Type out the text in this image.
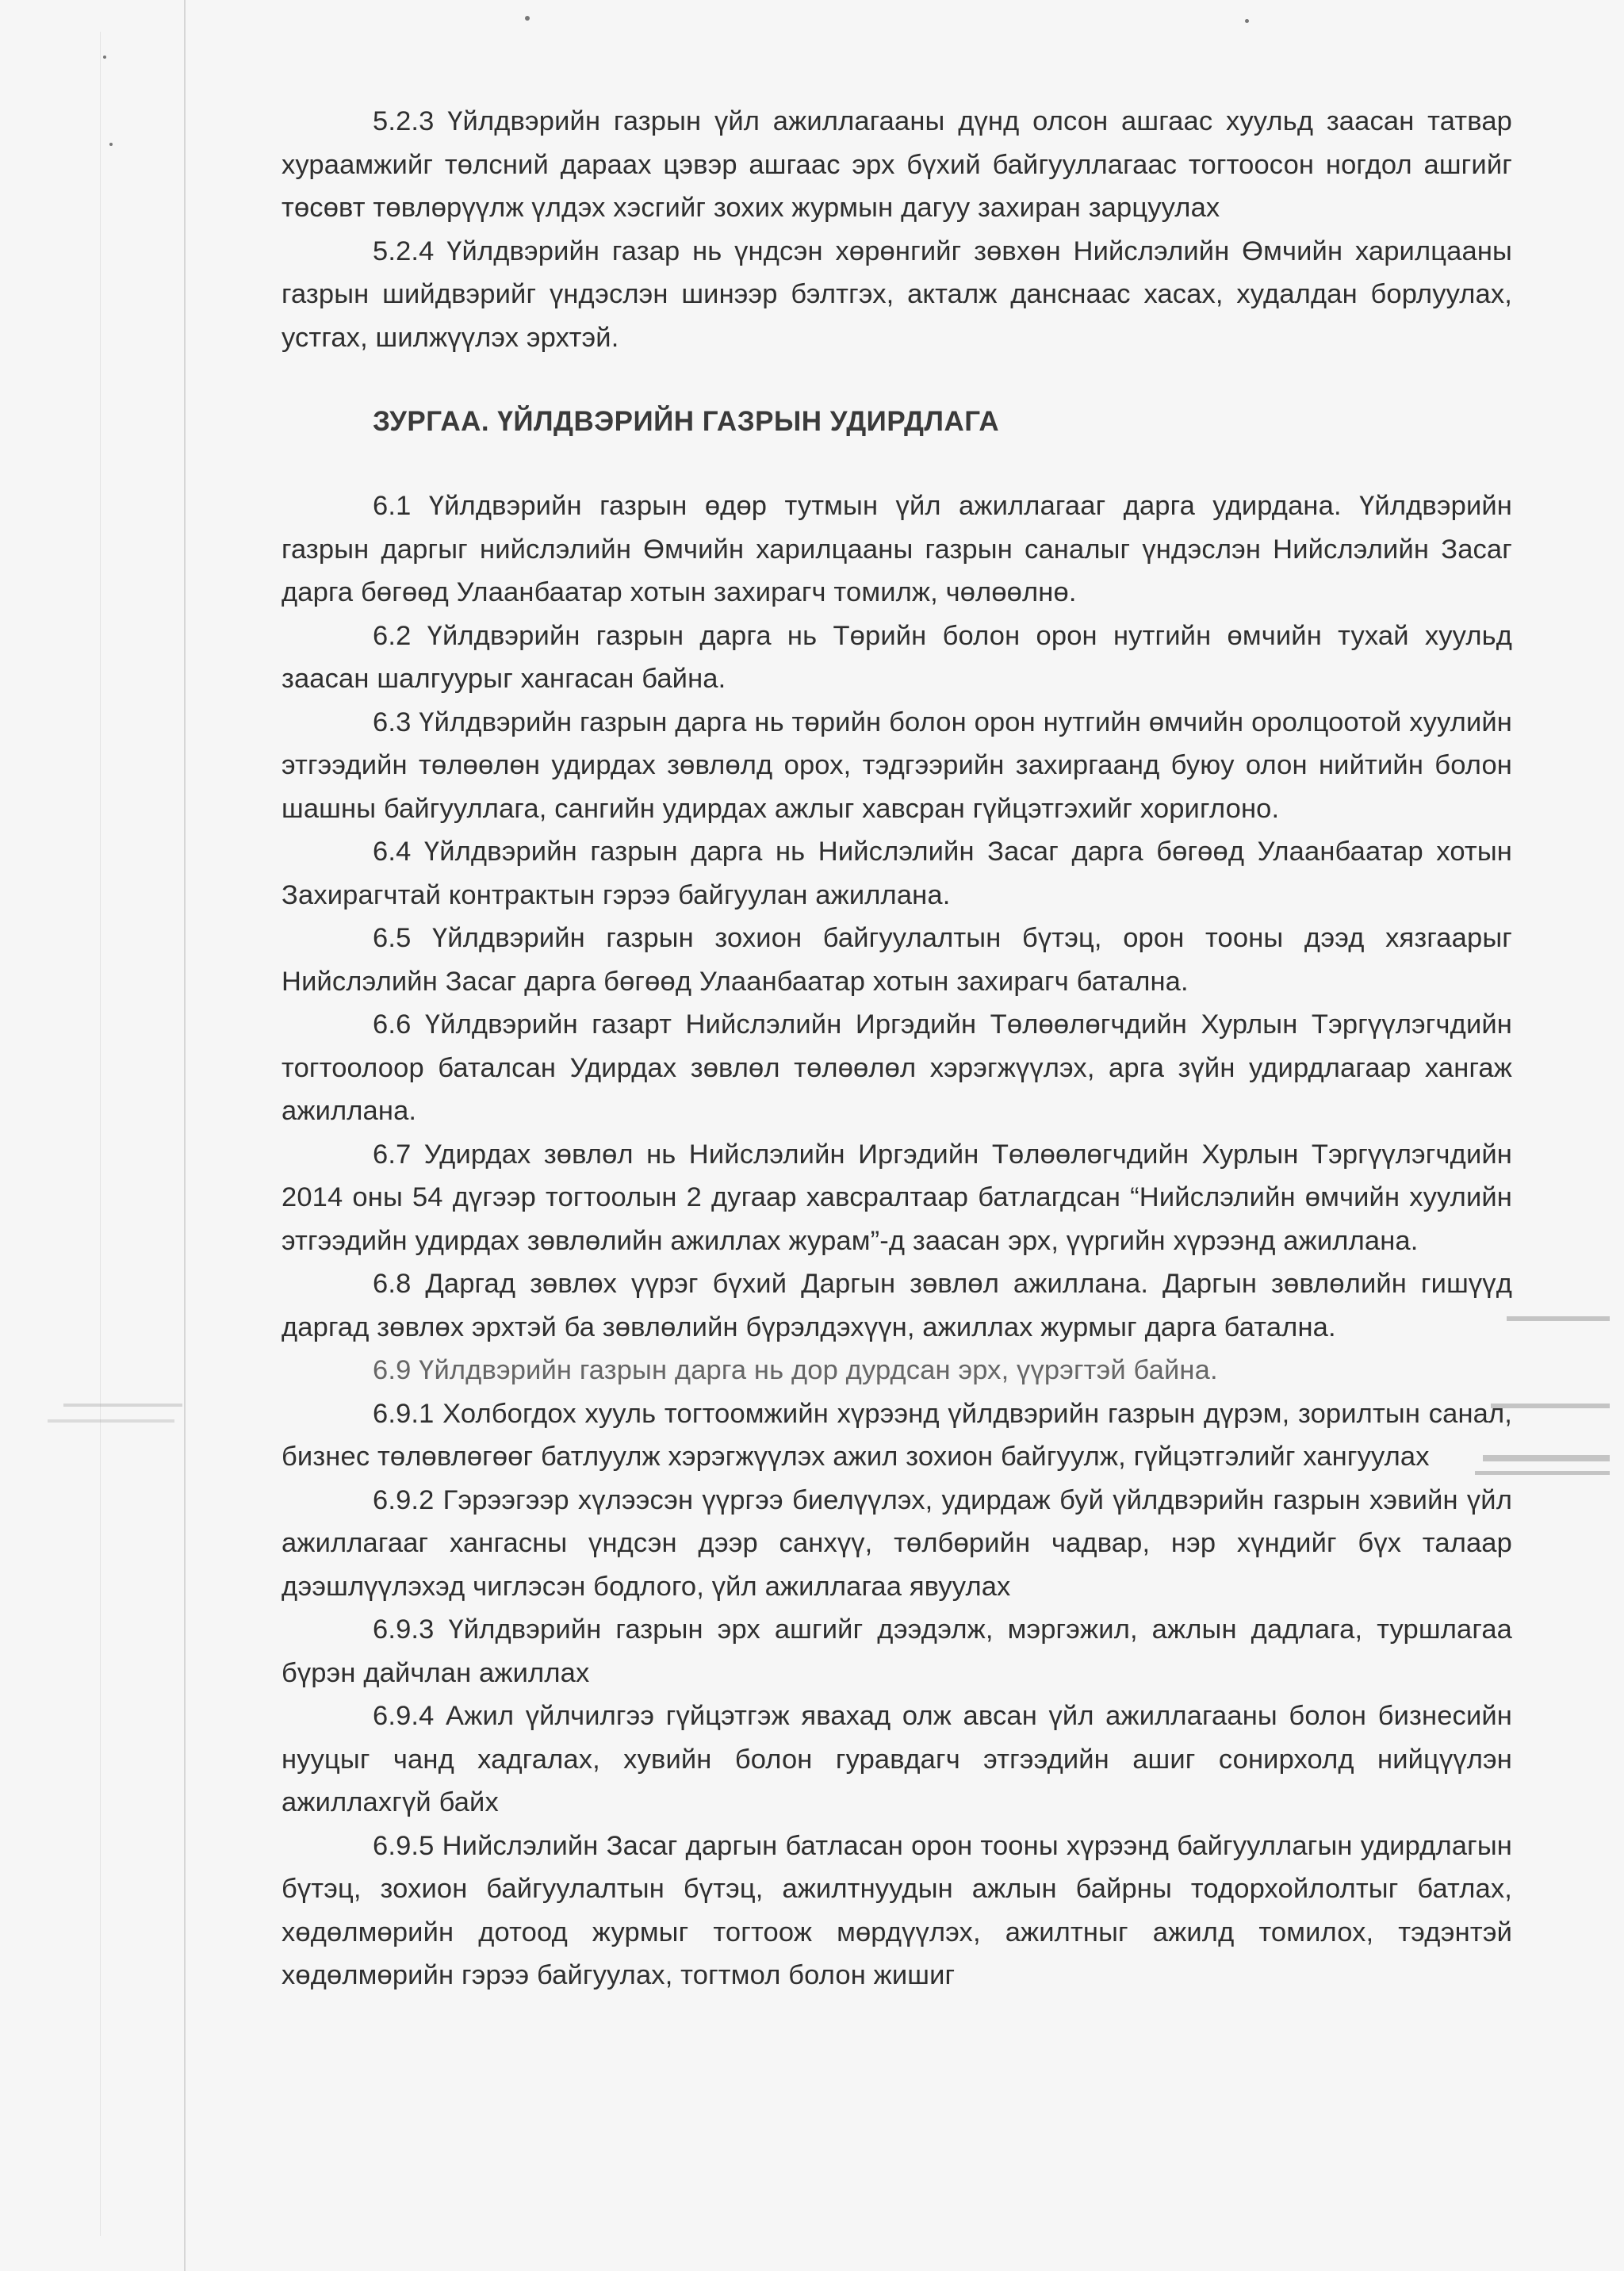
5.2.3 Үйлдвэрийн газрын үйл ажиллагааны дүнд олсон ашгаас хуульд заасан татвар хураамжийг төлсний дараах цэвэр ашгаас эрх бүхий байгууллагаас тогтоосон ногдол ашгийг төсөвт төвлөрүүлж үлдэх хэсгийг зохих журмын дагуу захиран зарцуулах

5.2.4 Үйлдвэрийн газар нь үндсэн хөрөнгийг зөвхөн Нийслэлийн Өмчийн харилцааны газрын шийдвэрийг үндэслэн шинээр бэлтгэх, акталж данснаас хасах, худалдан борлуулах, устгах, шилжүүлэх эрхтэй.

ЗУРГАА. ҮЙЛДВЭРИЙН ГАЗРЫН УДИРДЛАГА

6.1 Үйлдвэрийн газрын өдөр тутмын үйл ажиллагааг дарга удирдана. Үйлдвэрийн газрын даргыг нийслэлийн Өмчийн харилцааны газрын саналыг үндэслэн Нийслэлийн Засаг дарга бөгөөд Улаанбаатар хотын захирагч томилж, чөлөөлнө.

6.2 Үйлдвэрийн газрын дарга нь Төрийн болон орон нутгийн өмчийн тухай хуульд заасан шалгуурыг хангасан байна.

6.3 Үйлдвэрийн газрын дарга нь төрийн болон орон нутгийн өмчийн оролцоотой хуулийн этгээдийн төлөөлөн удирдах зөвлөлд орох, тэдгээрийн захиргаанд буюу олон нийтийн болон шашны байгууллага, сангийн удирдах ажлыг хавсран гүйцэтгэхийг хориглоно.

6.4 Үйлдвэрийн газрын дарга нь Нийслэлийн Засаг дарга бөгөөд Улаанбаатар хотын Захирагчтай контрактын гэрээ байгуулан ажиллана.

6.5 Үйлдвэрийн газрын зохион байгуулалтын бүтэц, орон тооны дээд хязгаарыг Нийслэлийн Засаг дарга бөгөөд Улаанбаатар хотын захирагч батална.

6.6 Үйлдвэрийн газарт Нийслэлийн Иргэдийн Төлөөлөгчдийн Хурлын Тэргүүлэгчдийн тогтоолоор баталсан Удирдах зөвлөл төлөөлөл хэрэгжүүлэх, арга зүйн удирдлагаар хангаж ажиллана.

6.7 Удирдах зөвлөл нь Нийслэлийн Иргэдийн Төлөөлөгчдийн Хурлын Тэргүүлэгчдийн 2014 оны 54 дүгээр тогтоолын 2 дугаар хавсралтаар батлагдсан “Нийслэлийн өмчийн хуулийн этгээдийн удирдах зөвлөлийн ажиллах журам”-д заасан эрх, үүргийн хүрээнд ажиллана.

6.8 Даргад зөвлөх үүрэг бүхий Даргын зөвлөл ажиллана. Даргын зөвлөлийн гишүүд даргад зөвлөх эрхтэй ба зөвлөлийн бүрэлдэхүүн, ажиллах журмыг дарга батална.

6.9 Үйлдвэрийн газрын дарга нь дор дурдсан эрх, үүрэгтэй байна.

6.9.1 Холбогдох хууль тогтоомжийн хүрээнд үйлдвэрийн газрын дүрэм, зорилтын санал, бизнес төлөвлөгөөг батлуулж хэрэгжүүлэх ажил зохион байгуулж, гүйцэтгэлийг хангуулах

6.9.2 Гэрээгээр хүлээсэн үүргээ биелүүлэх, удирдаж буй үйлдвэрийн газрын хэвийн үйл ажиллагааг хангасны үндсэн дээр санхүү, төлбөрийн чадвар, нэр хүндийг бүх талаар дээшлүүлэхэд чиглэсэн бодлого, үйл ажиллагаа явуулах

6.9.3 Үйлдвэрийн газрын эрх ашгийг дээдэлж, мэргэжил, ажлын дадлага, туршлагаа бүрэн дайчлан ажиллах

6.9.4 Ажил үйлчилгээ гүйцэтгэж явахад олж авсан үйл ажиллагааны болон бизнесийн нууцыг чанд хадгалах, хувийн болон гуравдагч этгээдийн ашиг сонирхолд нийцүүлэн ажиллахгүй байх

6.9.5 Нийслэлийн Засаг даргын батласан орон тооны хүрээнд байгууллагын удирдлагын бүтэц, зохион байгуулалтын бүтэц, ажилтнуудын ажлын байрны тодорхойлолтыг батлах, хөдөлмөрийн дотоод журмыг тогтоож мөрдүүлэх, ажилтныг ажилд томилох, тэдэнтэй хөдөлмөрийн гэрээ байгуулах, тогтмол болон жишиг
